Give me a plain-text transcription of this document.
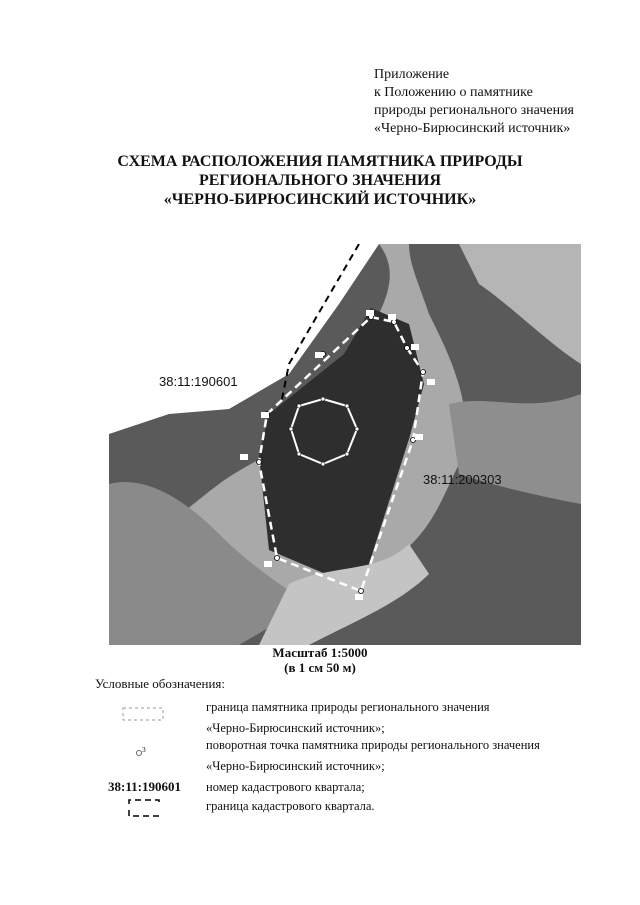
Приложение
к Положению о памятнике
природы регионального значения
«Черно-Бирюсинский источник»
СХЕМА РАСПОЛОЖЕНИЯ ПАМЯТНИКА ПРИРОДЫ
РЕГИОНАЛЬНОГО ЗНАЧЕНИЯ
«ЧЕРНО-БИРЮСИНСКИЙ ИСТОЧНИК»
38:11:190601
38:11:200303
Масштаб 1:5000
(в 1 см 50 м)
Условные обозначения:
граница памятника природы регионального значения
«Черно-Бирюсинский источник»;
$^3$	поворотная точка памятника природы регионального значения
«Черно-Бирюсинский источник»;
38:11:190601 номер кадастрового квартала;
граница кадастрового квартала.
